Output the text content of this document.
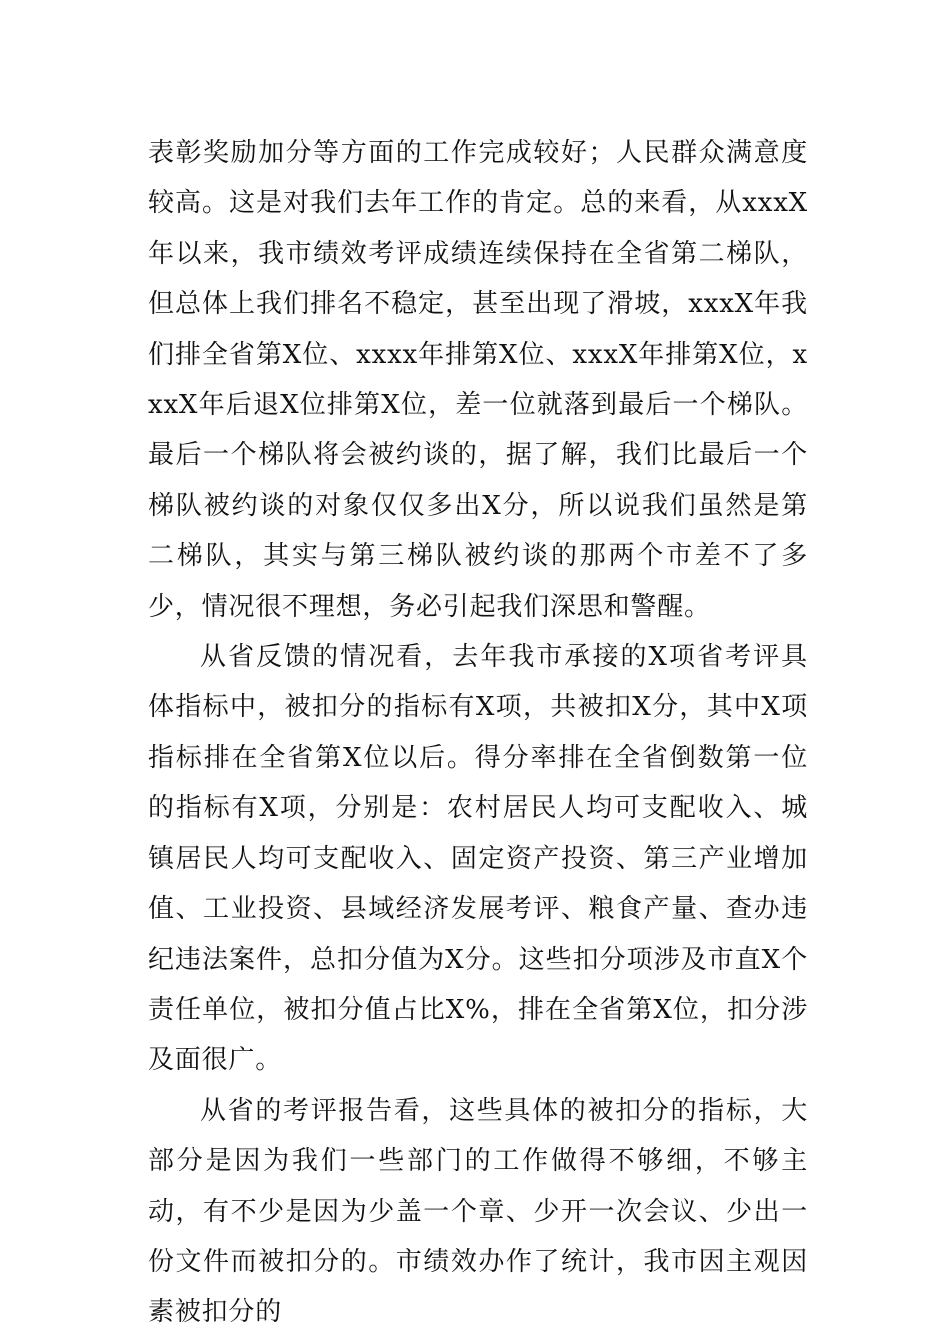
表彰奖励加分等方面的工作完成较好；人民群众满意度较高。这是对我们去年工作的肯定。总的来看，从xxxX年以来，我市绩效考评成绩连续保持在全省第二梯队，但总体上我们排名不稳定，甚至出现了滑坡，xxxX年我们排全省第X位、xxxx年排第X位、xxxX年排第X位，xxxX年后退X位排第X位，差一位就落到最后一个梯队。最后一个梯队将会被约谈的，据了解，我们比最后一个梯队被约谈的对象仅仅多出X分，所以说我们虽然是第二梯队，其实与第三梯队被约谈的那两个市差不了多少，情况很不理想，务必引起我们深思和警醒。

从省反馈的情况看，去年我市承接的X项省考评具体指标中，被扣分的指标有X项，共被扣X分，其中X项指标排在全省第X位以后。得分率排在全省倒数第一位的指标有X项，分别是：农村居民人均可支配收入、城镇居民人均可支配收入、固定资产投资、第三产业增加值、工业投资、县域经济发展考评、粮食产量、查办违纪违法案件，总扣分值为X分。这些扣分项涉及市直X个责任单位，被扣分值占比X%，排在全省第X位，扣分涉及面很广。

从省的考评报告看，这些具体的被扣分的指标，大部分是因为我们一些部门的工作做得不够细，不够主动，有不少是因为少盖一个章、少开一次会议、少出一份文件而被扣分的。市绩效办作了统计，我市因主观因素被扣分的
